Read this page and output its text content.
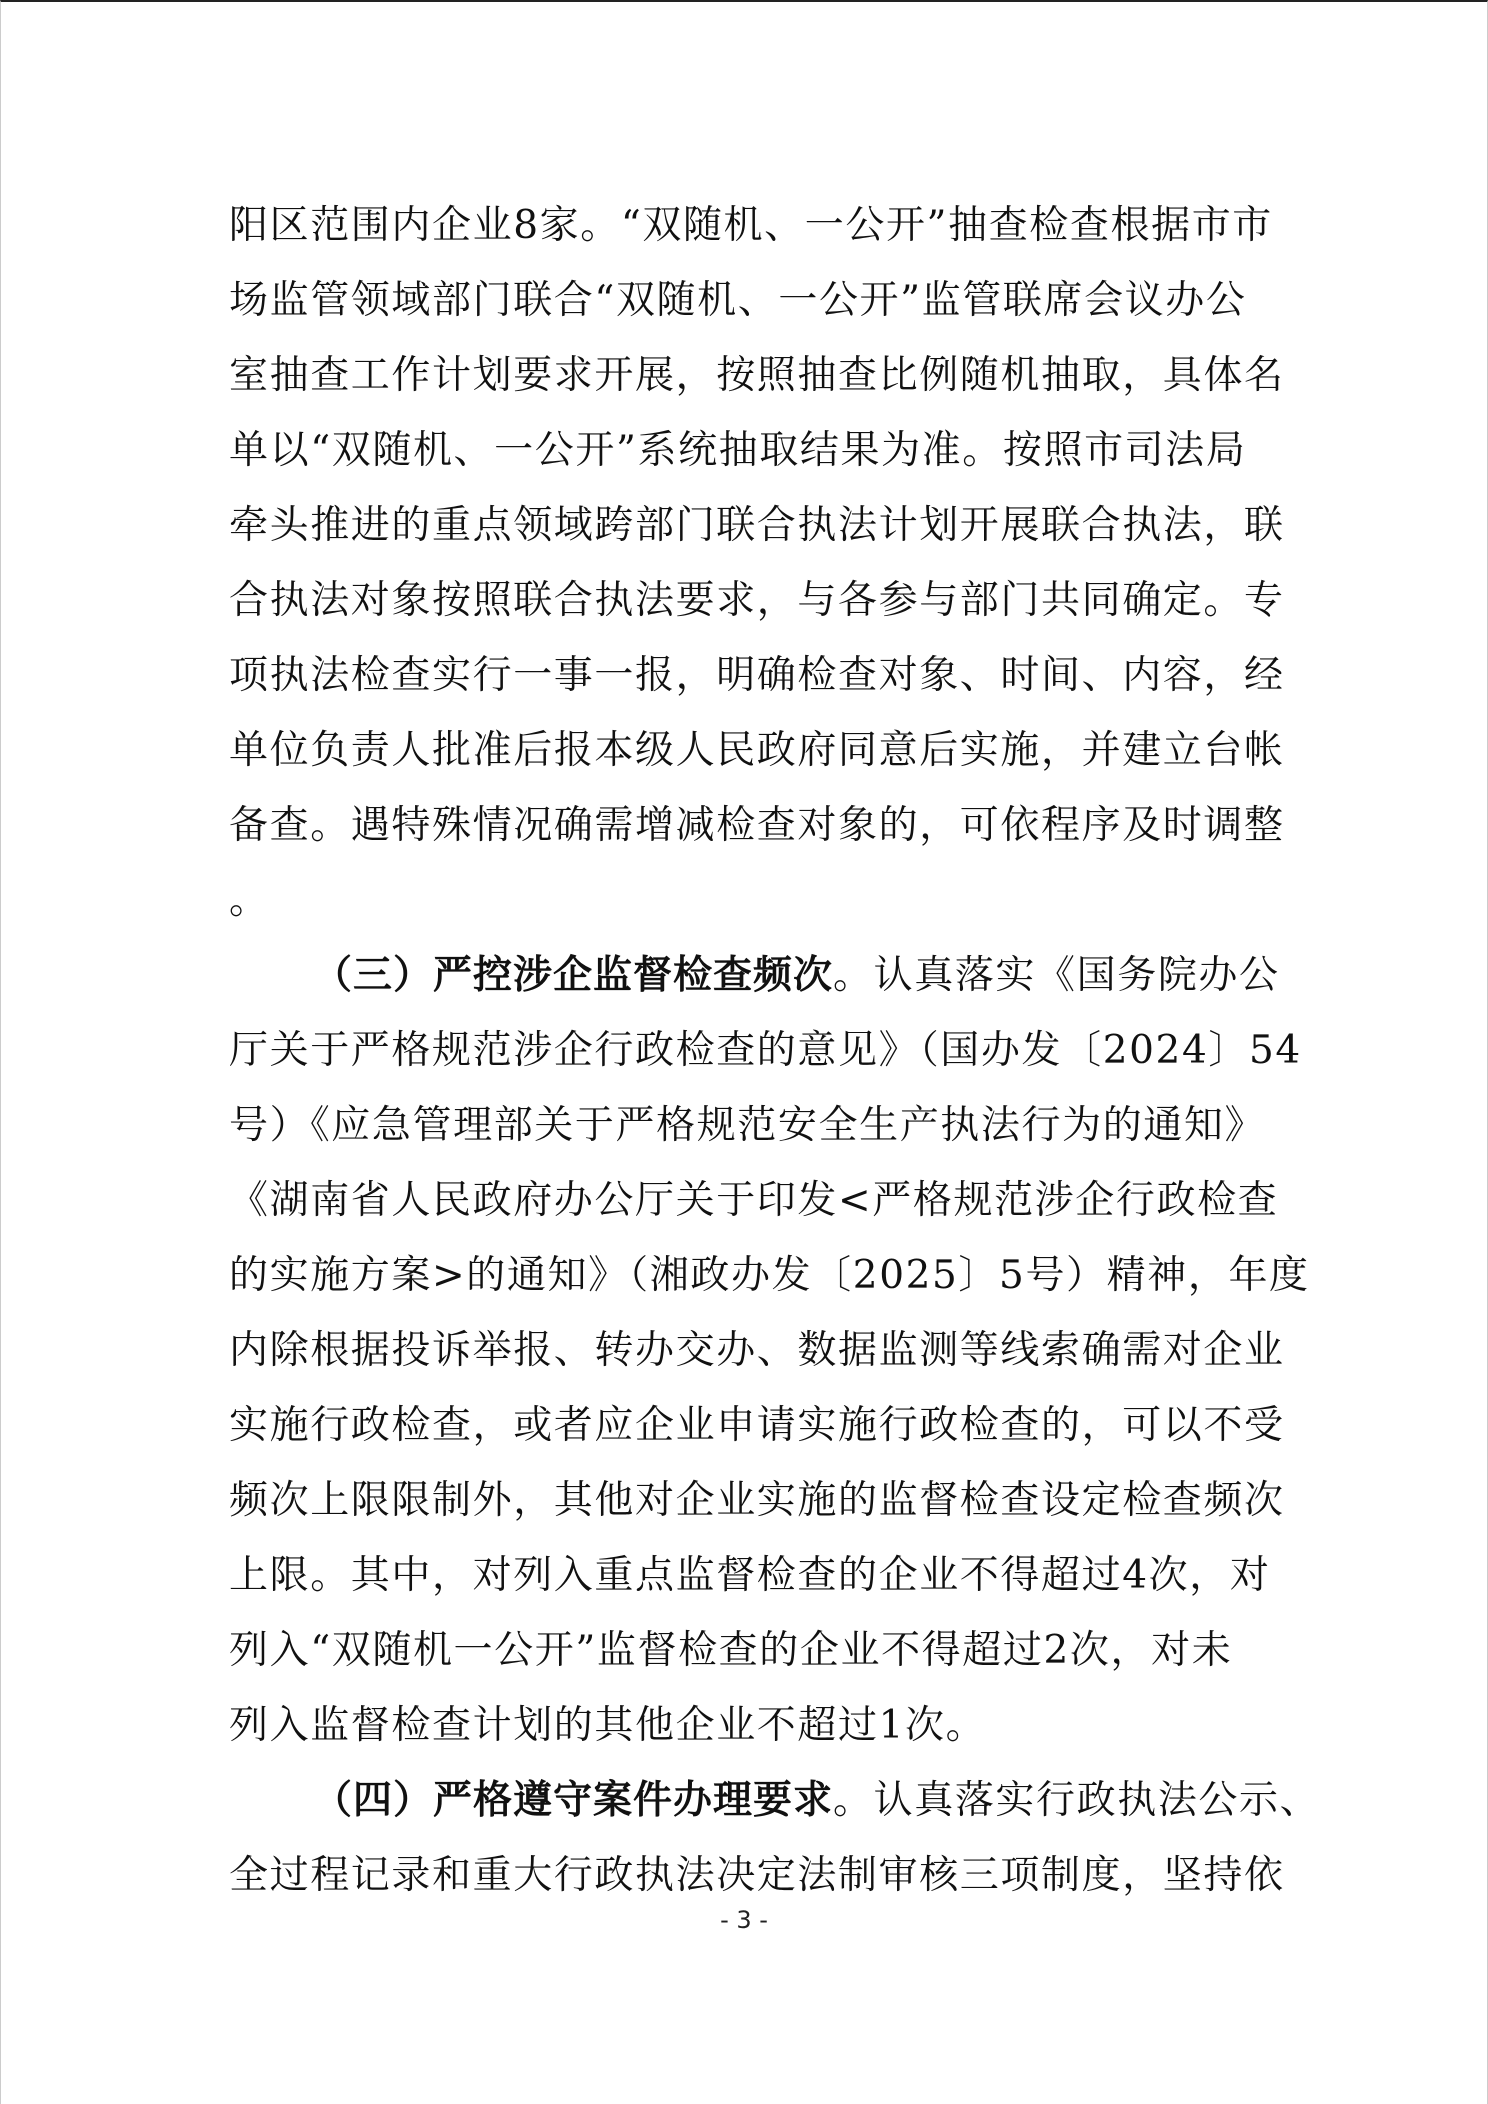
阳区范围内企业8家。“双随机、一公开”抽查检查根据市市
场监管领域部门联合“双随机、一公开”监管联席会议办公
室抽查工作计划要求开展，按照抽查比例随机抽取，具体名
单以“双随机、一公开”系统抽取结果为准。按照市司法局
牵头推进的重点领域跨部门联合执法计划开展联合执法，联
合执法对象按照联合执法要求，与各参与部门共同确定。专
项执法检查实行一事一报，明确检查对象、时间、内容，经
单位负责人批准后报本级人民政府同意后实施，并建立台帐
备查。遇特殊情况确需增减检查对象的，可依程序及时调整
。
（三）严控涉企监督检查频次。认真落实《国务院办公
厅关于严格规范涉企行政检查的意见》（国办发〔2024〕54
号）《应急管理部关于严格规范安全生产执法行为的通知》
《湖南省人民政府办公厅关于印发<严格规范涉企行政检查
的实施方案>的通知》（湘政办发〔2025〕5号）精神，年度
内除根据投诉举报、转办交办、数据监测等线索确需对企业
实施行政检查，或者应企业申请实施行政检查的，可以不受
频次上限限制外，其他对企业实施的监督检查设定检查频次
上限。其中，对列入重点监督检查的企业不得超过4次，对
列入“双随机一公开”监督检查的企业不得超过2次，对未
列入监督检查计划的其他企业不超过1次。
（四）严格遵守案件办理要求。认真落实行政执法公示、
全过程记录和重大行政执法决定法制审核三项制度，坚持依
- 3 -
